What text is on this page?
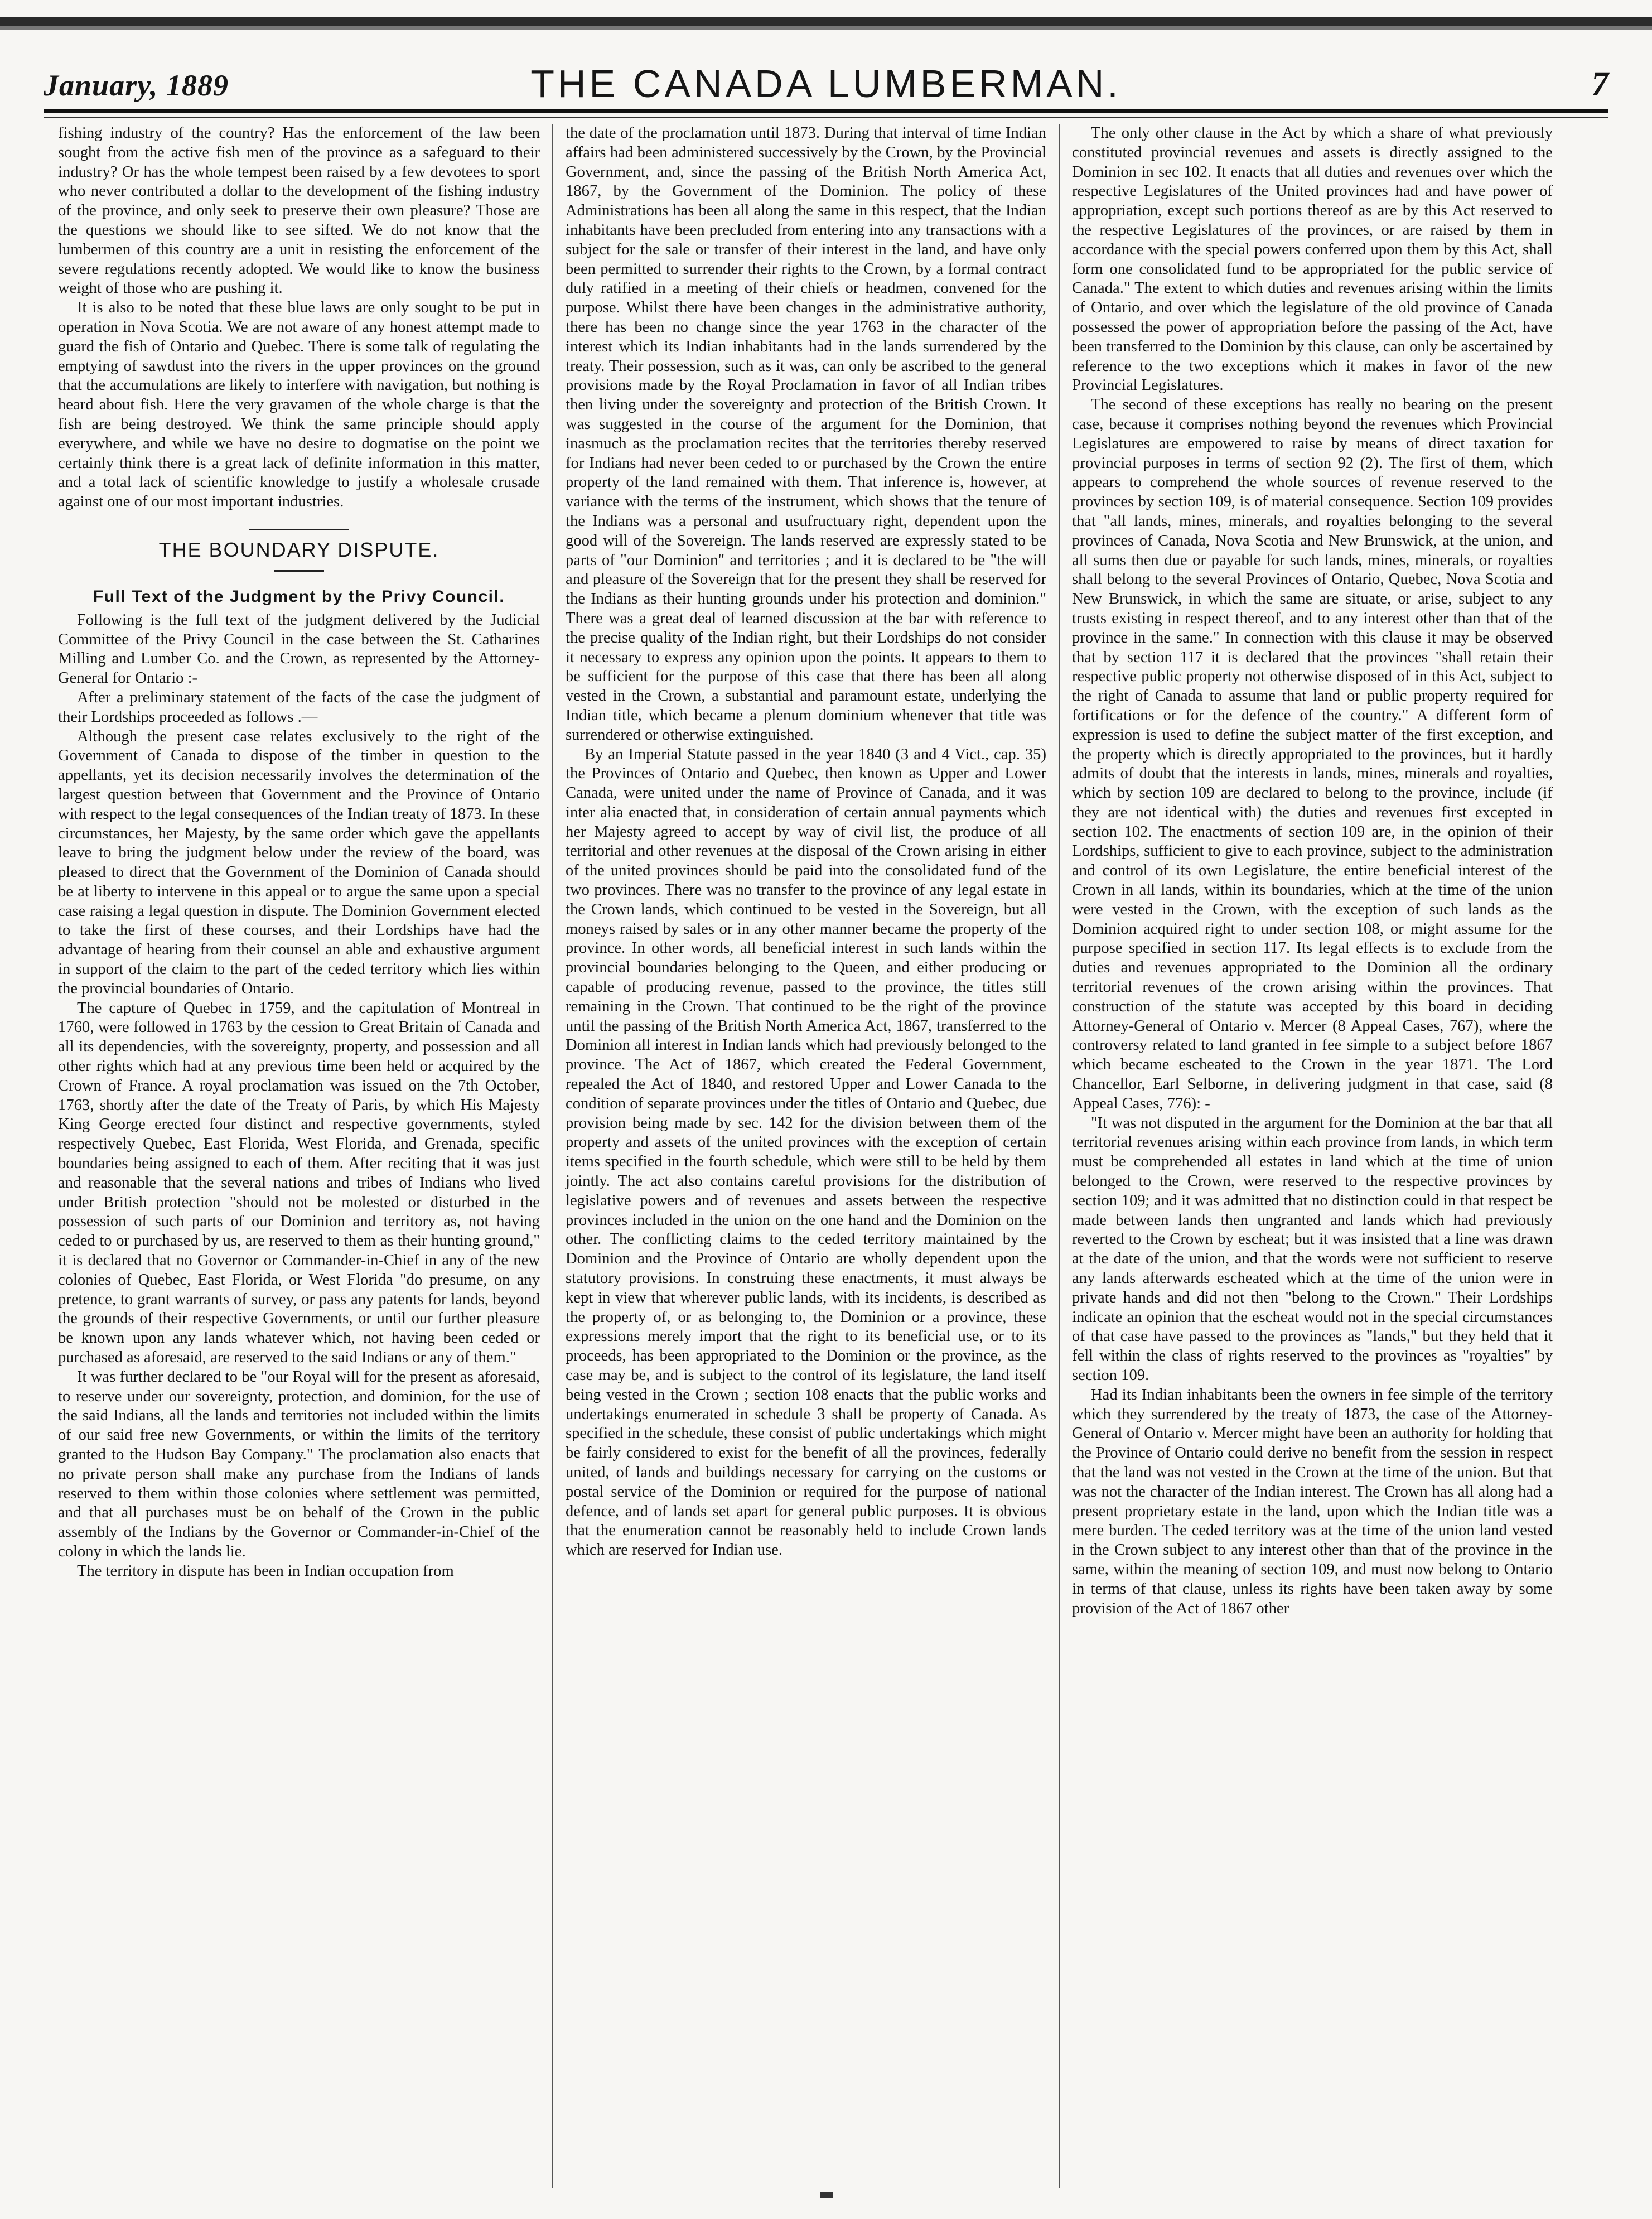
January, 1889	THE CANADA LUMBERMAN.	7

fishing industry of the country? Has the enforcement of the law been sought from the active fish men of the province as a safeguard to their industry? Or has the whole tempest been raised by a few devotees to sport who never contributed a dollar to the development of the fishing industry of the province, and only seek to preserve their own pleasure? Those are the questions we should like to see sifted. We do not know that the lumbermen of this country are a unit in resisting the enforcement of the severe regulations recently adopted. We would like to know the business weight of those who are pushing it.

It is also to be noted that these blue laws are only sought to be put in operation in Nova Scotia. We are not aware of any honest attempt made to guard the fish of Ontario and Quebec. There is some talk of regulating the emptying of sawdust into the rivers in the upper provinces on the ground that the accumulations are likely to interfere with navigation, but nothing is heard about fish. Here the very gravamen of the whole charge is that the fish are being destroyed. We think the same principle should apply everywhere, and while we have no desire to dogmatise on the point we certainly think there is a great lack of definite information in this matter, and a total lack of scientific knowledge to justify a wholesale crusade against one of our most important industries.

THE BOUNDARY DISPUTE.
Full Text of the Judgment by the Privy Council.

Following is the full text of the judgment delivered by the Judicial Committee of the Privy Council in the case between the St. Catharines Milling and Lumber Co. and the Crown, as represented by the Attorney-General for Ontario :-

After a preliminary statement of the facts of the case the judgment of their Lordships proceeded as follows .—

Although the present case relates exclusively to the right of the Government of Canada to dispose of the timber in question to the appellants, yet its decision necessarily involves the determination of the largest question between that Government and the Province of Ontario with respect to the legal consequences of the Indian treaty of 1873. In these circumstances, her Majesty, by the same order which gave the appellants leave to bring the judgment below under the review of the board, was pleased to direct that the Government of the Dominion of Canada should be at liberty to intervene in this appeal or to argue the same upon a special case raising a legal question in dispute. The Dominion Government elected to take the first of these courses, and their Lordships have had the advantage of hearing from their counsel an able and exhaustive argument in support of the claim to the part of the ceded territory which lies within the provincial boundaries of Ontario.

The capture of Quebec in 1759, and the capitulation of Montreal in 1760, were followed in 1763 by the cession to Great Britain of Canada and all its dependencies, with the sovereignty, property, and possession and all other rights which had at any previous time been held or acquired by the Crown of France. A royal proclamation was issued on the 7th October, 1763, shortly after the date of the Treaty of Paris, by which His Majesty King George erected four distinct and respective governments, styled respectively Quebec, East Florida, West Florida, and Grenada, specific boundaries being assigned to each of them. After reciting that it was just and reasonable that the several nations and tribes of Indians who lived under British protection "should not be molested or disturbed in the possession of such parts of our Dominion and territory as, not having ceded to or purchased by us, are reserved to them as their hunting ground," it is declared that no Governor or Commander-in-Chief in any of the new colonies of Quebec, East Florida, or West Florida "do presume, on any pretence, to grant warrants of survey, or pass any patents for lands, beyond the grounds of their respective Governments, or until our further pleasure be known upon any lands whatever which, not having been ceded or purchased as aforesaid, are reserved to the said Indians or any of them."

It was further declared to be "our Royal will for the present as aforesaid, to reserve under our sovereignty, protection, and dominion, for the use of the said Indians, all the lands and territories not included within the limits of our said free new Governments, or within the limits of the territory granted to the Hudson Bay Company." The proclamation also enacts that no private person shall make any purchase from the Indians of lands reserved to them within those colonies where settlement was permitted, and that all purchases must be on behalf of the Crown in the public assembly of the Indians by the Governor or Commander-in-Chief of the colony in which the lands lie.

The territory in dispute has been in Indian occupation from

the date of the proclamation until 1873. During that interval of time Indian affairs had been administered successively by the Crown, by the Provincial Government, and, since the passing of the British North America Act, 1867, by the Government of the Dominion. The policy of these Administrations has been all along the same in this respect, that the Indian inhabitants have been precluded from entering into any transactions with a subject for the sale or transfer of their interest in the land, and have only been permitted to surrender their rights to the Crown, by a formal contract duly ratified in a meeting of their chiefs or headmen, convened for the purpose. Whilst there have been changes in the administrative authority, there has been no change since the year 1763 in the character of the interest which its Indian inhabitants had in the lands surrendered by the treaty. Their possession, such as it was, can only be ascribed to the general provisions made by the Royal Proclamation in favor of all Indian tribes then living under the sovereignty and protection of the British Crown. It was suggested in the course of the argument for the Dominion, that inasmuch as the proclamation recites that the territories thereby reserved for Indians had never been ceded to or purchased by the Crown the entire property of the land remained with them. That inference is, however, at variance with the terms of the instrument, which shows that the tenure of the Indians was a personal and usufructuary right, dependent upon the good will of the Sovereign. The lands reserved are expressly stated to be parts of "our Dominion" and territories ; and it is declared to be "the will and pleasure of the Sovereign that for the present they shall be reserved for the Indians as their hunting grounds under his protection and dominion." There was a great deal of learned discussion at the bar with reference to the precise quality of the Indian right, but their Lordships do not consider it necessary to express any opinion upon the points. It appears to them to be sufficient for the purpose of this case that there has been all along vested in the Crown, a substantial and paramount estate, underlying the Indian title, which became a plenum dominium whenever that title was surrendered or otherwise extinguished.

By an Imperial Statute passed in the year 1840 (3 and 4 Vict., cap. 35) the Provinces of Ontario and Quebec, then known as Upper and Lower Canada, were united under the name of Province of Canada, and it was inter alia enacted that, in consideration of certain annual payments which her Majesty agreed to accept by way of civil list, the produce of all territorial and other revenues at the disposal of the Crown arising in either of the united provinces should be paid into the consolidated fund of the two provinces. There was no transfer to the province of any legal estate in the Crown lands, which continued to be vested in the Sovereign, but all moneys raised by sales or in any other manner became the property of the province. In other words, all beneficial interest in such lands within the provincial boundaries belonging to the Queen, and either producing or capable of producing revenue, passed to the province, the titles still remaining in the Crown. That continued to be the right of the province until the passing of the British North America Act, 1867, transferred to the Dominion all interest in Indian lands which had previously belonged to the province. The Act of 1867, which created the Federal Government, repealed the Act of 1840, and restored Upper and Lower Canada to the condition of separate provinces under the titles of Ontario and Quebec, due provision being made by sec. 142 for the division between them of the property and assets of the united provinces with the exception of certain items specified in the fourth schedule, which were still to be held by them jointly. The act also contains careful provisions for the distribution of legislative powers and of revenues and assets between the respective provinces included in the union on the one hand and the Dominion on the other. The conflicting claims to the ceded territory maintained by the Dominion and the Province of Ontario are wholly dependent upon the statutory provisions. In construing these enactments, it must always be kept in view that wherever public lands, with its incidents, is described as the property of, or as belonging to, the Dominion or a province, these expressions merely import that the right to its beneficial use, or to its proceeds, has been appropriated to the Dominion or the province, as the case may be, and is subject to the control of its legislature, the land itself being vested in the Crown ; section 108 enacts that the public works and undertakings enumerated in schedule 3 shall be property of Canada. As specified in the schedule, these consist of public undertakings which might be fairly considered to exist for the benefit of all the provinces, federally united, of lands and buildings necessary for carrying on the customs or postal service of the Dominion or required for the purpose of national defence, and of lands set apart for general public purposes. It is obvious that the enumeration cannot be reasonably held to include Crown lands which are reserved for Indian use.

The only other clause in the Act by which a share of what previously constituted provincial revenues and assets is directly assigned to the Dominion in sec 102. It enacts that all duties and revenues over which the respective Legislatures of the United provinces had and have power of appropriation, except such portions thereof as are by this Act reserved to the respective Legislatures of the provinces, or are raised by them in accordance with the special powers conferred upon them by this Act, shall form one consolidated fund to be appropriated for the public service of Canada." The extent to which duties and revenues arising within the limits of Ontario, and over which the legislature of the old province of Canada possessed the power of appropriation before the passing of the Act, have been transferred to the Dominion by this clause, can only be ascertained by reference to the two exceptions which it makes in favor of the new Provincial Legislatures.

The second of these exceptions has really no bearing on the present case, because it comprises nothing beyond the revenues which Provincial Legislatures are empowered to raise by means of direct taxation for provincial purposes in terms of section 92 (2). The first of them, which appears to comprehend the whole sources of revenue reserved to the provinces by section 109, is of material consequence. Section 109 provides that "all lands, mines, minerals, and royalties belonging to the several provinces of Canada, Nova Scotia and New Brunswick, at the union, and all sums then due or payable for such lands, mines, minerals, or royalties shall belong to the several Provinces of Ontario, Quebec, Nova Scotia and New Brunswick, in which the same are situate, or arise, subject to any trusts existing in respect thereof, and to any interest other than that of the province in the same." In connection with this clause it may be observed that by section 117 it is declared that the provinces "shall retain their respective public property not otherwise disposed of in this Act, subject to the right of Canada to assume that land or public property required for fortifications or for the defence of the country." A different form of expression is used to define the subject matter of the first exception, and the property which is directly appropriated to the provinces, but it hardly admits of doubt that the interests in lands, mines, minerals and royalties, which by section 109 are declared to belong to the province, include (if they are not identical with) the duties and revenues first excepted in section 102. The enactments of section 109 are, in the opinion of their Lordships, sufficient to give to each province, subject to the administration and control of its own Legislature, the entire beneficial interest of the Crown in all lands, within its boundaries, which at the time of the union were vested in the Crown, with the exception of such lands as the Dominion acquired right to under section 108, or might assume for the purpose specified in section 117. Its legal effects is to exclude from the duties and revenues appropriated to the Dominion all the ordinary territorial revenues of the crown arising within the provinces. That construction of the statute was accepted by this board in deciding Attorney-General of Ontario v. Mercer (8 Appeal Cases, 767), where the controversy related to land granted in fee simple to a subject before 1867 which became escheated to the Crown in the year 1871. The Lord Chancellor, Earl Selborne, in delivering judgment in that case, said (8 Appeal Cases, 776): -

"It was not disputed in the argument for the Dominion at the bar that all territorial revenues arising within each province from lands, in which term must be comprehended all estates in land which at the time of union belonged to the Crown, were reserved to the respective provinces by section 109; and it was admitted that no distinction could in that respect be made between lands then ungranted and lands which had previously reverted to the Crown by escheat; but it was insisted that a line was drawn at the date of the union, and that the words were not sufficient to reserve any lands afterwards escheated which at the time of the union were in private hands and did not then "belong to the Crown." Their Lordships indicate an opinion that the escheat would not in the special circumstances of that case have passed to the provinces as "lands," but they held that it fell within the class of rights reserved to the provinces as "royalties" by section 109.

Had its Indian inhabitants been the owners in fee simple of the territory which they surrendered by the treaty of 1873, the case of the Attorney-General of Ontario v. Mercer might have been an authority for holding that the Province of Ontario could derive no benefit from the session in respect that the land was not vested in the Crown at the time of the union. But that was not the character of the Indian interest. The Crown has all along had a present proprietary estate in the land, upon which the Indian title was a mere burden. The ceded territory was at the time of the union land vested in the Crown subject to any interest other than that of the province in the same, within the meaning of section 109, and must now belong to Ontario in terms of that clause, unless its rights have been taken away by some provision of the Act of 1867 other
